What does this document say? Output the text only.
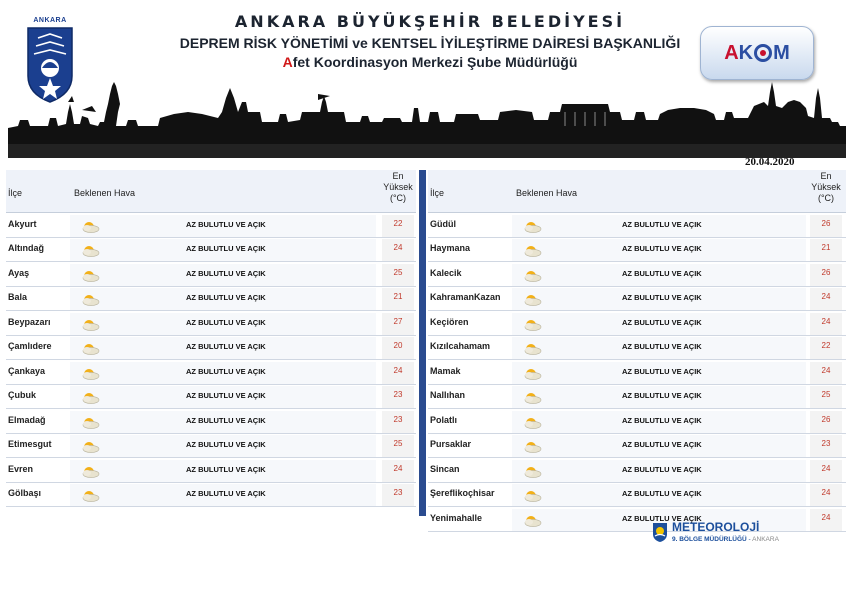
ANKARA	ANKARA BÜYÜKŞEHİR BELEDİYESİ
DEPREM RİSK YÖNETİMİ ve KENTSEL İYİLEŞTİRME DAİRESİ BAŞKANLIĞI
Afet Koordinasyon Merkezi Şube Müdürlüğü	A K M
20.04.2020
İlçe	Beklenen Hava
En
Yüksek
(°C)
Akyurt	AZ BULUTLU VE AÇIK	22
Altındağ	AZ BULUTLU VE AÇIK	24
Ayaş	AZ BULUTLU VE AÇIK	25
Bala	AZ BULUTLU VE AÇIK	21
Beypazarı	AZ BULUTLU VE AÇIK	27
Çamlıdere	AZ BULUTLU VE AÇIK	20
Çankaya	AZ BULUTLU VE AÇIK	24
Çubuk	AZ BULUTLU VE AÇIK	23
Elmadağ	AZ BULUTLU VE AÇIK	23
Etimesgut	AZ BULUTLU VE AÇIK	25
Evren	AZ BULUTLU VE AÇIK	24
Gölbaşı	AZ BULUTLU VE AÇIK	23
İlçe	Beklenen Hava
En
Yüksek
(°C)
Güdül	AZ BULUTLU VE AÇIK	26
Haymana	AZ BULUTLU VE AÇIK	21
Kalecik	AZ BULUTLU VE AÇIK	26
KahramanKazan	AZ BULUTLU VE AÇIK	24
Keçiören	AZ BULUTLU VE AÇIK	24
Kızılcahamam	AZ BULUTLU VE AÇIK	22
Mamak	AZ BULUTLU VE AÇIK	24
Nallıhan	AZ BULUTLU VE AÇIK	25
Polatlı	AZ BULUTLU VE AÇIK	26
Pursaklar	AZ BULUTLU VE AÇIK	23
Sincan	AZ BULUTLU VE AÇIK	24
Şereflikoçhisar	AZ BULUTLU VE AÇIK	24
Yenimahalle	AZ BULUTLU VE AÇIK	24
METEOROLOJİ
9. BÖLGE MÜDÜRLÜĞÜ - ANKARA
